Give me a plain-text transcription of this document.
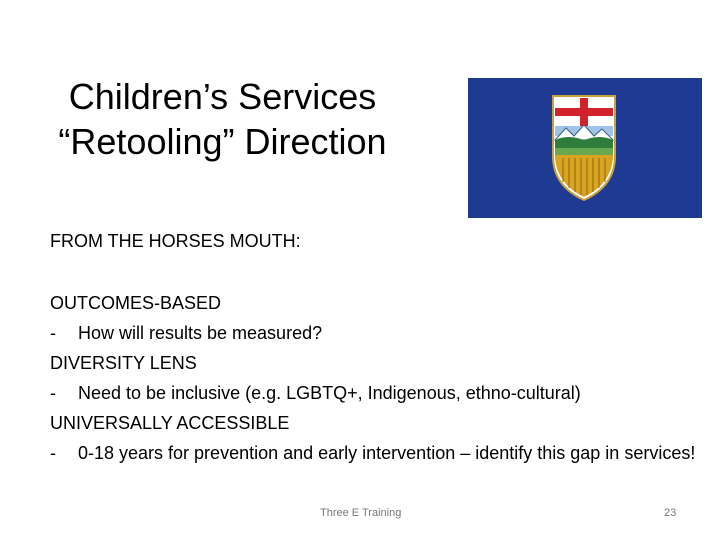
Children’s Services
“Retooling” Direction
FROM THE HORSES MOUTH:
OUTCOMES-BASED
-	How will results be measured?
DIVERSITY LENS
-	Need to be inclusive (e.g. LGBTQ+, Indigenous, ethno-cultural)
UNIVERSALLY ACCESSIBLE
-	0-18 years for prevention and early intervention – identify this gap in services!
Three E Training	23
